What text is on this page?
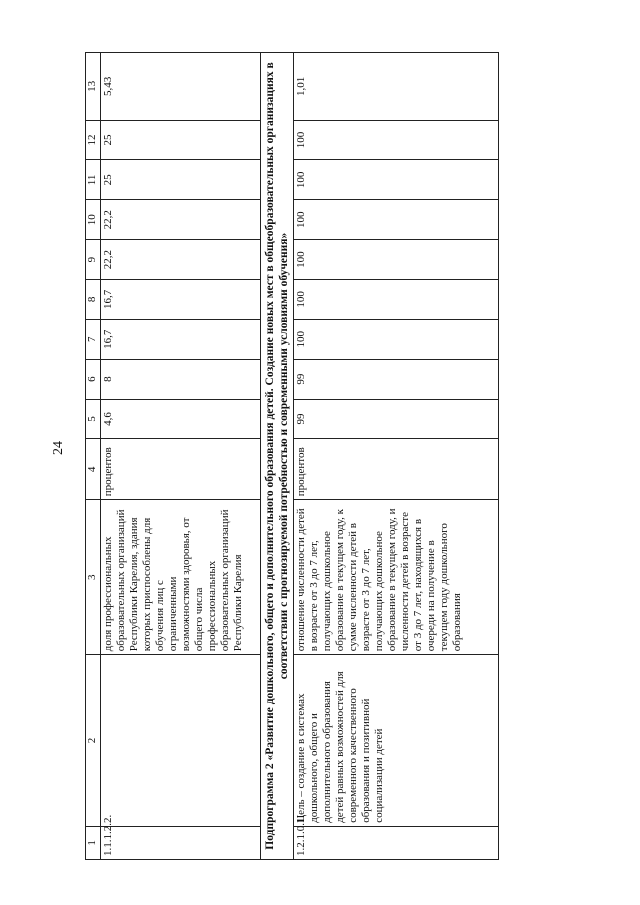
24
1	2	3	4	5	6	7	8	9	10	11	12	13
1.1.1.2.2.		доля профессиональных образовательных организаций Республики Карелия, здания которых приспособлены для обучения лиц с ограниченными возможностями здоровья, от общего числа профессиональных образовательных организаций Республики Карелия	процентов	4,6	8	16,7	16,7	22,2	22,2	25	25	5,43
Подпрограмма 2 «Развитие дошкольного, общего и дополнительного образования детей. Создание новых мест в общеобразовательных организациях в соответствии с прогнозируемой потребностью и современными условиями обучения»												
1.2.1.0.1.	Цель – создание в системах дошкольного, общего и дополнительного образования детей равных возможностей для современного качественного образования и позитивной социализации детей	отношение численности детей в возрасте от 3 до 7 лет, получающих дошкольное образование в текущем году, к сумме численности детей в возрасте от 3 до 7 лет, получающих дошкольное образование в текущем году, и численности детей в возрасте от 3 до 7 лет, находящихся в очереди на получение в текущем году дошкольного образования	процентов	99	99	100	100	100	100	100	100	1,01
